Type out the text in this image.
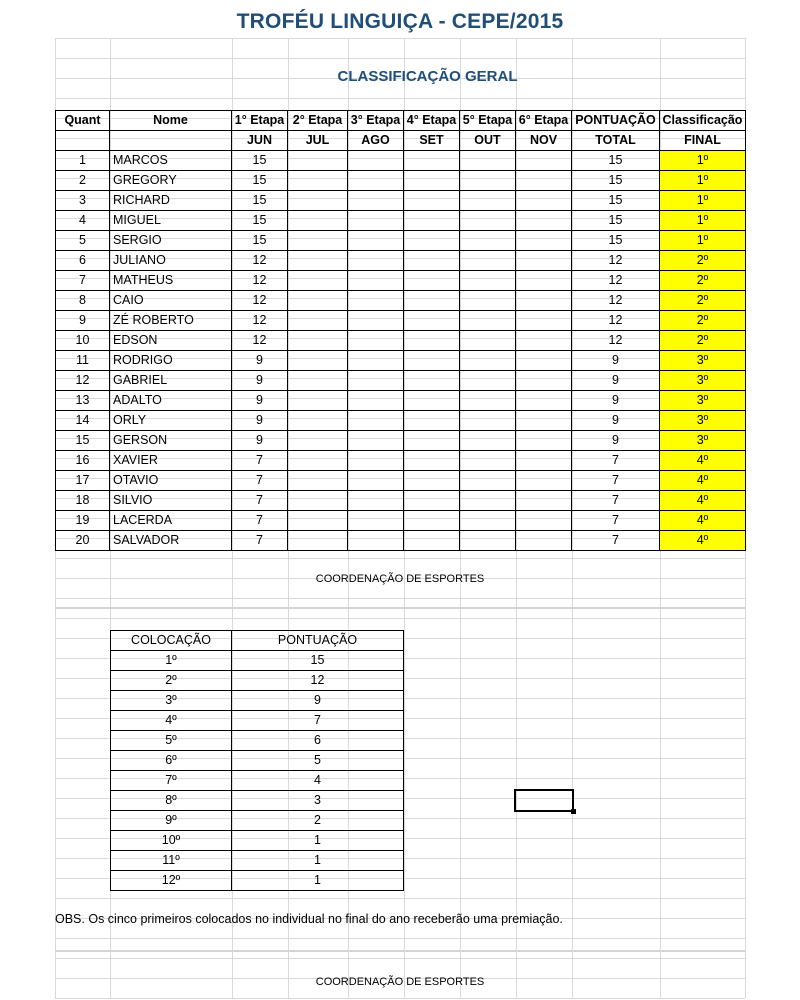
TROFÉU LINGUIÇA - CEPE/2015
CLASSIFICAÇÃO GERAL
Quant	Nome	1° Etapa	2° Etapa	3° Etapa	4° Etapa	5° Etapa	6° Etapa	PONTUAÇÃO	Classificação
		JUN	JUL	AGO	SET	OUT	NOV	TOTAL	FINAL
1	MARCOS	15						15	1º
2	GREGORY	15						15	1º
3	RICHARD	15						15	1º
4	MIGUEL	15						15	1º
5	SERGIO	15						15	1º
6	JULIANO	12						12	2º
7	MATHEUS	12						12	2º
8	CAIO	12						12	2º
9	ZÉ ROBERTO	12						12	2º
10	EDSON	12						12	2º
11	RODRIGO	9						9	3º
12	GABRIEL	9						9	3º
13	ADALTO	9						9	3º
14	ORLY	9						9	3º
15	GERSON	9						9	3º
16	XAVIER	7						7	4º
17	OTAVIO	7						7	4º
18	SILVIO	7						7	4º
19	LACERDA	7						7	4º
20	SALVADOR	7						7	4º
COORDENAÇÃO DE ESPORTES
COLOCAÇÃO	PONTUAÇÃO
1º	15
2º	12
3º	9
4º	7
5º	6
6º	5
7º	4
8º	3
9º	2
10º	1
11º	1
12º	1
OBS. Os cinco primeiros colocados no individual no final do ano receberão uma premiação.
COORDENAÇÃO DE ESPORTES
